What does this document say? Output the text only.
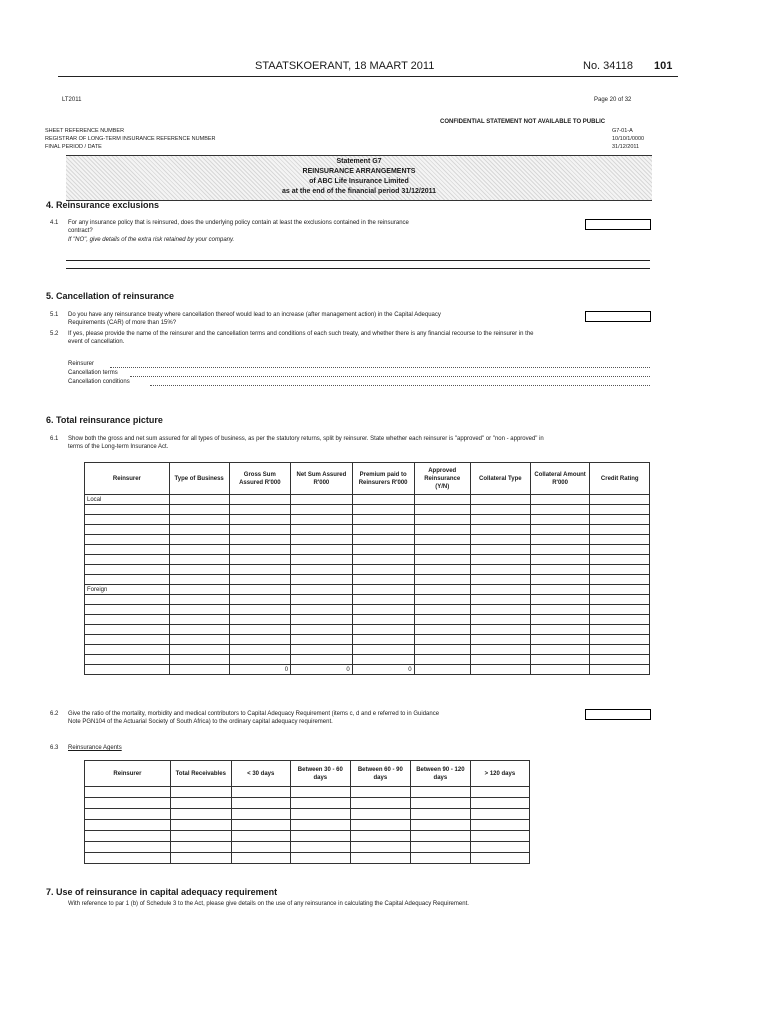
STAATSKOERANT, 18 MAART 2011	No. 34118 101
LT2011	Page 20 of 32
CONFIDENTIAL STATEMENT NOT AVAILABLE TO PUBLIC
SHEET REFERENCE NUMBER
REGISTRAR OF LONG-TERM INSURANCE REFERENCE NUMBER
FINAL PERIOD / DATE
G7-01-A
10/10/1/0000
31/12/2011
Statement G7
REINSURANCE ARRANGEMENTS
of ABC Life Insurance Limited
as at the end of the financial period 31/12/2011
4. Reinsurance exclusions
4.1 For any insurance policy that is reinsured, does the underlying policy contain at least the exclusions contained in the reinsurance contract?
If "NO", give details of the extra risk retained by your company.
5. Cancellation of reinsurance
5.1 Do you have any reinsurance treaty where cancellation thereof would lead to an increase (after management action) in the Capital Adequacy Requirements (CAR) of more than 15%?
5.2 If yes, please provide the name of the reinsurer and the cancellation terms and conditions of each such treaty, and whether there is any financial recourse to the reinsurer in the event of cancellation.
Reinsurer
Cancellation terms
Cancellation conditions
6. Total reinsurance picture
6.1 Show both the gross and net sum assured for all types of business, as per the statutory returns, split by reinsurer. State whether each reinsurer is "approved" or "non - approved" in terms of the Long-term Insurance Act.
Reinsurer	Type of Business	Gross Sum Assured R'000	Net Sum Assured R'000	Premium paid to Reinsurers R'000	Approved Reinsurance (Y/N)	Collateral Type	Collateral Amount R'000	Credit Rating
Local								

Foreign								

		0	0	0				
6.2 Give the ratio of the mortality, morbidity and medical contributors to Capital Adequacy Requirement (items c, d and e referred to in Guidance Note PGN104 of the Actuarial Society of South Africa) to the ordinary capital adequacy requirement.
6.3 Reinsurance Agents
Reinsurer	Total Receivables	< 30 days	Between 30 - 60 days	Between 60 - 90 days	Between 90 - 120 days	> 120 days

7. Use of reinsurance in capital adequacy requirement
With reference to par 1 (b) of Schedule 3 to the Act, please give details on the use of any reinsurance in calculating the Capital Adequacy Requirement.
